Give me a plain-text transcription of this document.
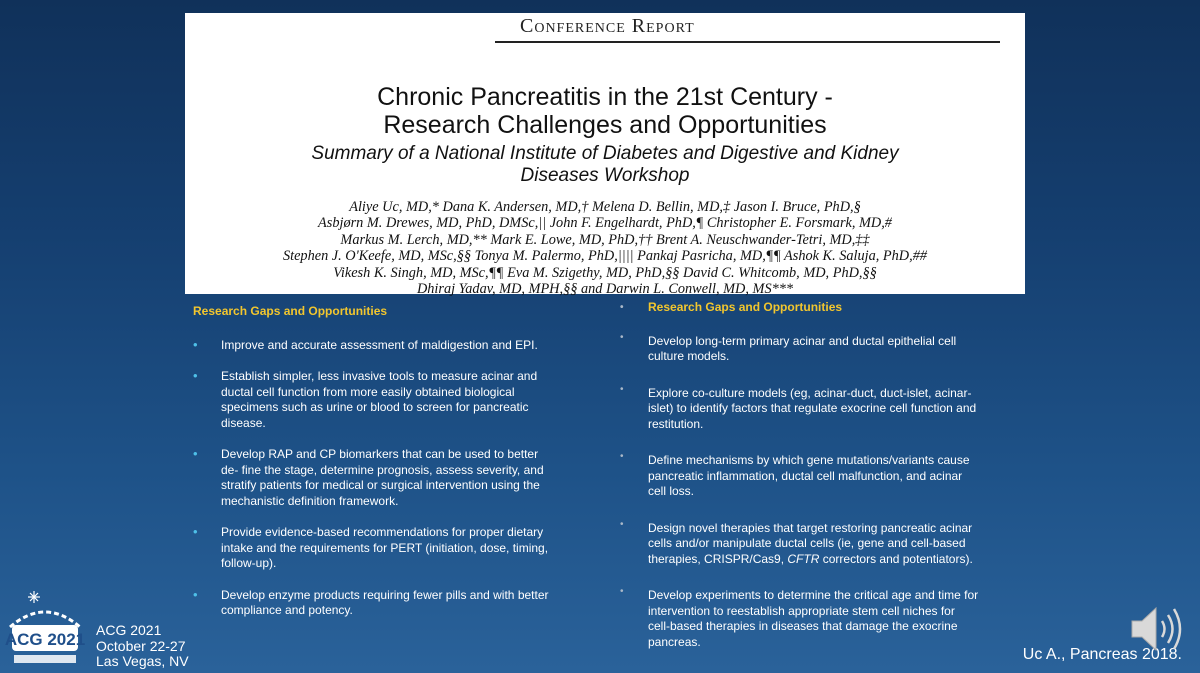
Conference Report
Chronic Pancreatitis in the 21st Century -
Research Challenges and Opportunities
Summary of a National Institute of Diabetes and Digestive and Kidney
Diseases Workshop
Aliye Uc, MD,* Dana K. Andersen, MD,† Melena D. Bellin, MD,‡ Jason I. Bruce, PhD,§
Asbjørn M. Drewes, MD, PhD, DMSc,|| John F. Engelhardt, PhD,¶ Christopher E. Forsmark, MD,#
Markus M. Lerch, MD,** Mark E. Lowe, MD, PhD,†† Brent A. Neuschwander-Tetri, MD,‡‡
Stephen J. O'Keefe, MD, MSc,§§ Tonya M. Palermo, PhD,|||| Pankaj Pasricha, MD,¶¶ Ashok K. Saluja, PhD,##
Vikesh K. Singh, MD, MSc,¶¶ Eva M. Szigethy, MD, PhD,§§ David C. Whitcomb, MD, PhD,§§
Dhiraj Yadav, MD, MPH,§§ and Darwin L. Conwell, MD, MS***
Research Gaps and Opportunities
• Improve and accurate assessment of maldigestion and EPI.
• Establish simpler, less invasive tools to measure acinar and ductal cell function from more easily obtained biological specimens such as urine or blood to screen for pancreatic disease.
• Develop RAP and CP biomarkers that can be used to better de- fine the stage, determine prognosis, assess severity, and stratify patients for medical or surgical intervention using the mechanistic definition framework.
• Provide evidence-based recommendations for proper dietary intake and the requirements for PERT (initiation, dose, timing, follow-up).
• Develop enzyme products requiring fewer pills and with better compliance and potency.
• Research Gaps and Opportunities
• Develop long-term primary acinar and ductal epithelial cell culture models.
• Explore co-culture models (eg, acinar-duct, duct-islet, acinar- islet) to identify factors that regulate exocrine cell function and restitution.
• Define mechanisms by which gene mutations/variants cause pancreatic inflammation, ductal cell malfunction, and acinar cell loss.
• Design novel therapies that target restoring pancreatic acinar cells and/or manipulate ductal cells (ie, gene and cell-based therapies, CRISPR/Cas9, CFTR correctors and potentiators).
• Develop experiments to determine the critical age and time for intervention to reestablish appropriate stem cell niches for cell-based therapies in diseases that damage the exocrine pancreas.
ACG 2021 ACG 2021
October 22-27
Las Vegas, NV	Uc A., Pancreas 2018.
